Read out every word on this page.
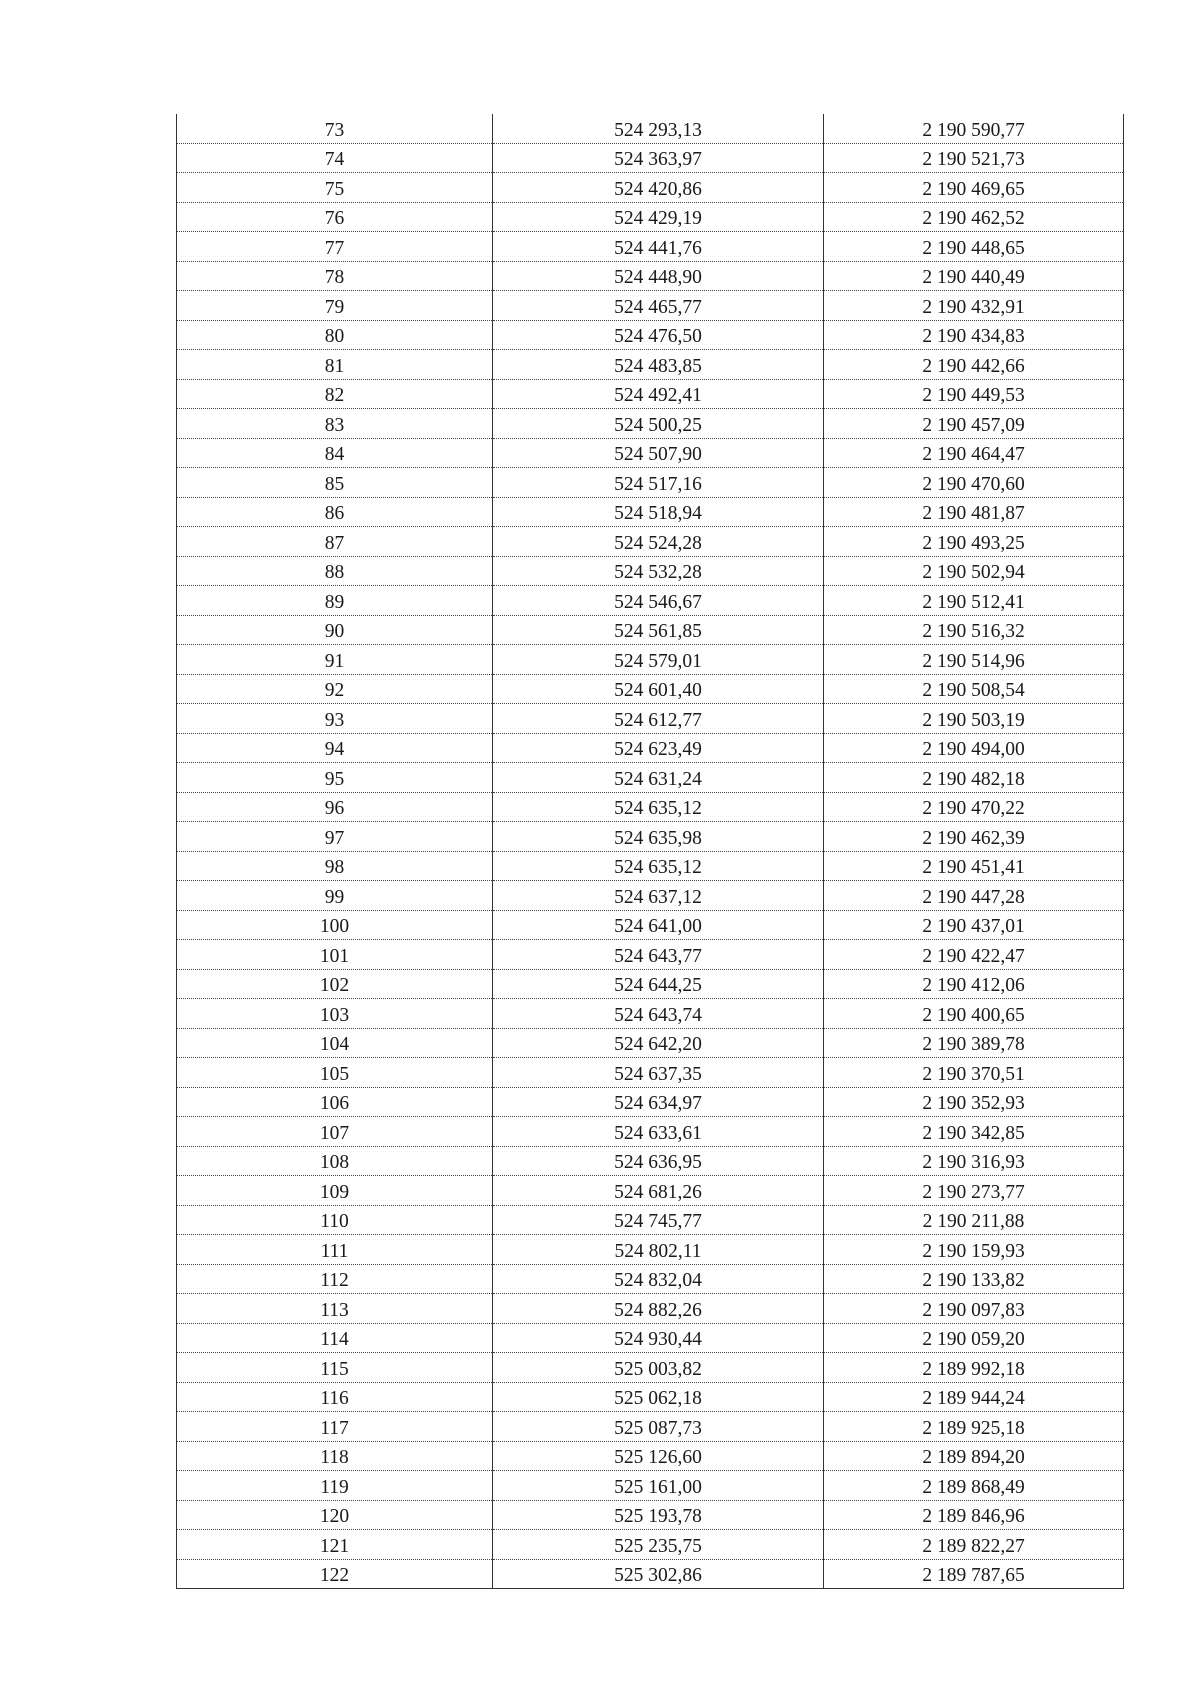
73	524 293,13	2 190 590,77
74	524 363,97	2 190 521,73
75	524 420,86	2 190 469,65
76	524 429,19	2 190 462,52
77	524 441,76	2 190 448,65
78	524 448,90	2 190 440,49
79	524 465,77	2 190 432,91
80	524 476,50	2 190 434,83
81	524 483,85	2 190 442,66
82	524 492,41	2 190 449,53
83	524 500,25	2 190 457,09
84	524 507,90	2 190 464,47
85	524 517,16	2 190 470,60
86	524 518,94	2 190 481,87
87	524 524,28	2 190 493,25
88	524 532,28	2 190 502,94
89	524 546,67	2 190 512,41
90	524 561,85	2 190 516,32
91	524 579,01	2 190 514,96
92	524 601,40	2 190 508,54
93	524 612,77	2 190 503,19
94	524 623,49	2 190 494,00
95	524 631,24	2 190 482,18
96	524 635,12	2 190 470,22
97	524 635,98	2 190 462,39
98	524 635,12	2 190 451,41
99	524 637,12	2 190 447,28
100	524 641,00	2 190 437,01
101	524 643,77	2 190 422,47
102	524 644,25	2 190 412,06
103	524 643,74	2 190 400,65
104	524 642,20	2 190 389,78
105	524 637,35	2 190 370,51
106	524 634,97	2 190 352,93
107	524 633,61	2 190 342,85
108	524 636,95	2 190 316,93
109	524 681,26	2 190 273,77
110	524 745,77	2 190 211,88
111	524 802,11	2 190 159,93
112	524 832,04	2 190 133,82
113	524 882,26	2 190 097,83
114	524 930,44	2 190 059,20
115	525 003,82	2 189 992,18
116	525 062,18	2 189 944,24
117	525 087,73	2 189 925,18
118	525 126,60	2 189 894,20
119	525 161,00	2 189 868,49
120	525 193,78	2 189 846,96
121	525 235,75	2 189 822,27
122	525 302,86	2 189 787,65
